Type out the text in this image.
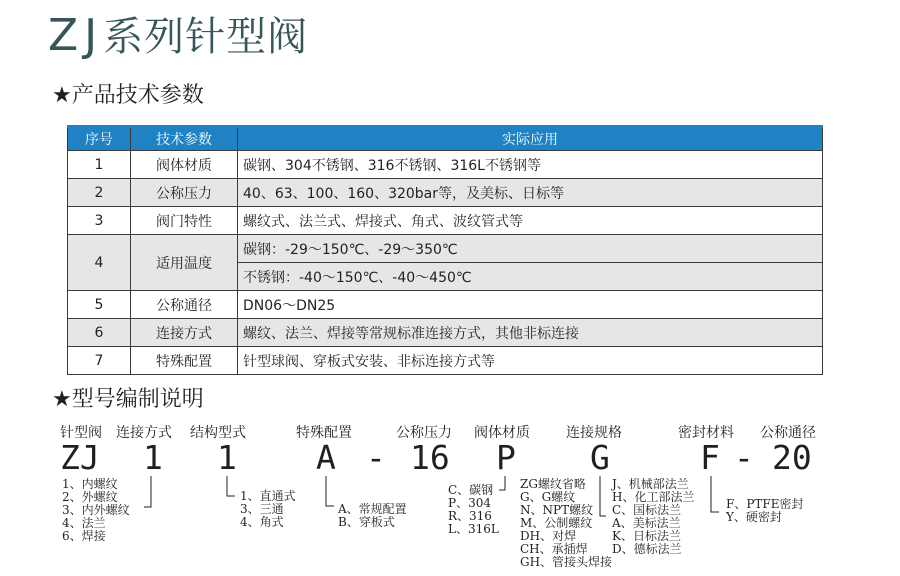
ZJ系列针型阀
★产品技术参数
序号	技术参数	实际应用
1	阀体材质	碳钢、304不锈钢、316不锈钢、316L不锈钢等
2	公称压力	40、63、100、160、320bar等，及美标、日标等
3	阀门特性	螺纹式、法兰式、焊接式、角式、波纹管式等
4	适用温度	碳钢：-29～150℃、-29～350℃
		不锈钢：-40～150℃、-40～450℃
5	公称通径	DN06～DN25
6	连接方式	螺纹、法兰、焊接等常规标准连接方式，其他非标连接
7	特殊配置	针型球阀、穿板式安装、非标连接方式等
★型号编制说明
针型阀 连接方式 结构型式	特殊配置	公称压力 阀体材质	连接规格	密封材料 公称通径
ZJ 1 1 A - 16 P G	F - 20
1、内螺纹
2、外螺纹
3、内外螺纹
4、法兰
6、焊接
1、直通式
3、三通
4、角式
A、常规配置
B、穿板式
C、碳钢
P、304
R、316
L、316L
ZG螺纹省略
G、G螺纹
N、NPT螺纹
M、公制螺纹
DH、对焊
CH、承插焊
GH、管接头焊接
J、机械部法兰
H、化工部法兰
C、国标法兰
A、美标法兰
K、日标法兰
D、德标法兰
F、PTFE密封
Y、硬密封
